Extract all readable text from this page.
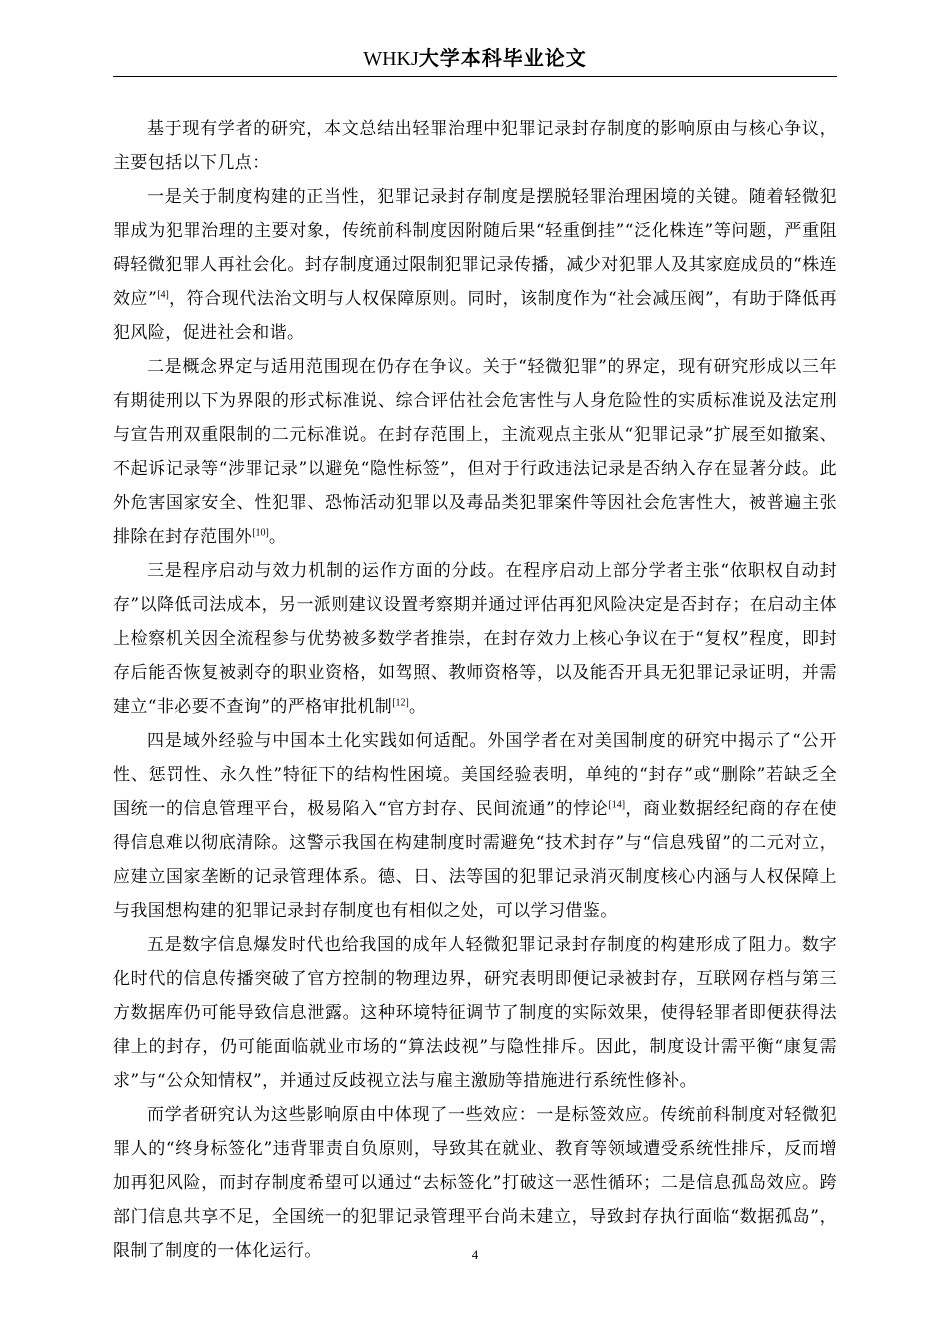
WHKJ大学本科毕业论文

基于现有学者的研究，本文总结出轻罪治理中犯罪记录封存制度的影响原由与核心争议，主要包括以下几点：

一是关于制度构建的正当性，犯罪记录封存制度是摆脱轻罪治理困境的关键。随着轻微犯罪成为犯罪治理的主要对象，传统前科制度因附随后果“轻重倒挂”“泛化株连”等问题，严重阻碍轻微犯罪人再社会化。封存制度通过限制犯罪记录传播，减少对犯罪人及其家庭成员的“株连效应”[4]，符合现代法治文明与人权保障原则。同时，该制度作为“社会减压阀”，有助于降低再犯风险，促进社会和谐。

二是概念界定与适用范围现在仍存在争议。关于“轻微犯罪”的界定，现有研究形成以三年有期徒刑以下为界限的形式标准说、综合评估社会危害性与人身危险性的实质标准说及法定刑与宣告刑双重限制的二元标准说。在封存范围上，主流观点主张从“犯罪记录”扩展至如撤案、不起诉记录等“涉罪记录”以避免“隐性标签”，但对于行政违法记录是否纳入存在显著分歧。此外危害国家安全、性犯罪、恐怖活动犯罪以及毒品类犯罪案件等因社会危害性大，被普遍主张排除在封存范围外[10]。

三是程序启动与效力机制的运作方面的分歧。在程序启动上部分学者主张“依职权自动封存”以降低司法成本，另一派则建议设置考察期并通过评估再犯风险决定是否封存；在启动主体上检察机关因全流程参与优势被多数学者推崇，在封存效力上核心争议在于“复权”程度，即封存后能否恢复被剥夺的职业资格，如驾照、教师资格等，以及能否开具无犯罪记录证明，并需建立“非必要不查询”的严格审批机制[12]。

四是域外经验与中国本土化实践如何适配。外国学者在对美国制度的研究中揭示了“公开性、惩罚性、永久性”特征下的结构性困境。美国经验表明，单纯的“封存”或“删除”若缺乏全国统一的信息管理平台，极易陷入“官方封存、民间流通”的悖论[14]，商业数据经纪商的存在使得信息难以彻底清除。这警示我国在构建制度时需避免“技术封存”与“信息残留”的二元对立，应建立国家垄断的记录管理体系。德、日、法等国的犯罪记录消灭制度核心内涵与人权保障上与我国想构建的犯罪记录封存制度也有相似之处，可以学习借鉴。

五是数字信息爆发时代也给我国的成年人轻微犯罪记录封存制度的构建形成了阻力。数字化时代的信息传播突破了官方控制的物理边界，研究表明即便记录被封存，互联网存档与第三方数据库仍可能导致信息泄露。这种环境特征调节了制度的实际效果，使得轻罪者即便获得法律上的封存，仍可能面临就业市场的“算法歧视”与隐性排斥。因此，制度设计需平衡“康复需求”与“公众知情权”，并通过反歧视立法与雇主激励等措施进行系统性修补。

而学者研究认为这些影响原由中体现了一些效应：一是标签效应。传统前科制度对轻微犯罪人的“终身标签化”违背罪责自负原则，导致其在就业、教育等领域遭受系统性排斥，反而增加再犯风险，而封存制度希望可以通过“去标签化”打破这一恶性循环；二是信息孤岛效应。跨部门信息共享不足，全国统一的犯罪记录管理平台尚未建立，导致封存执行面临“数据孤岛”，限制了制度的一体化运行。	4
